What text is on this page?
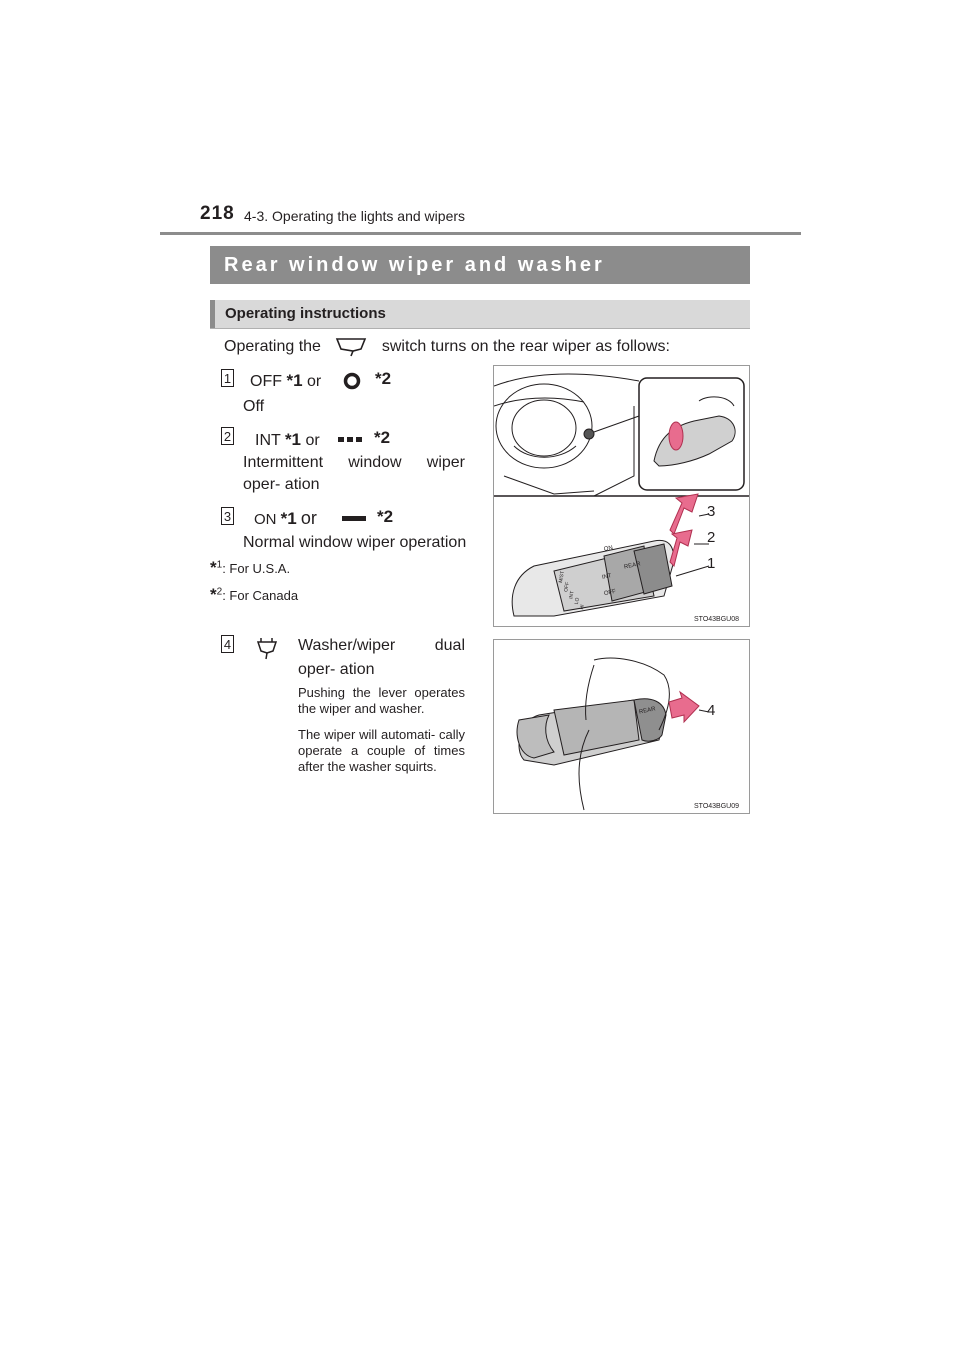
218 4-3. Operating the lights and wipers
Rear window wiper and washer
Operating instructions
Operating the	switch turns on the rear wiper as follows:
1 OFF *1 or	*2
Off
2 INT *1 or	*2
Intermittent window wiper oper- ation
3 ON *1 or	*2
Normal window wiper operation
*$^1$: For U.S.A.
*$^2$: For Canada
4	Washer/wiper dual oper- ation
Pushing the lever operates the wiper and washer.
The wiper will automati- cally operate a couple of times after the washer squirts.
3
2
1
REAR
ON
INT
OFF
MIST
OFF
INT
LO
HI
STO43BGU08
4
REAR
STO43BGU09
